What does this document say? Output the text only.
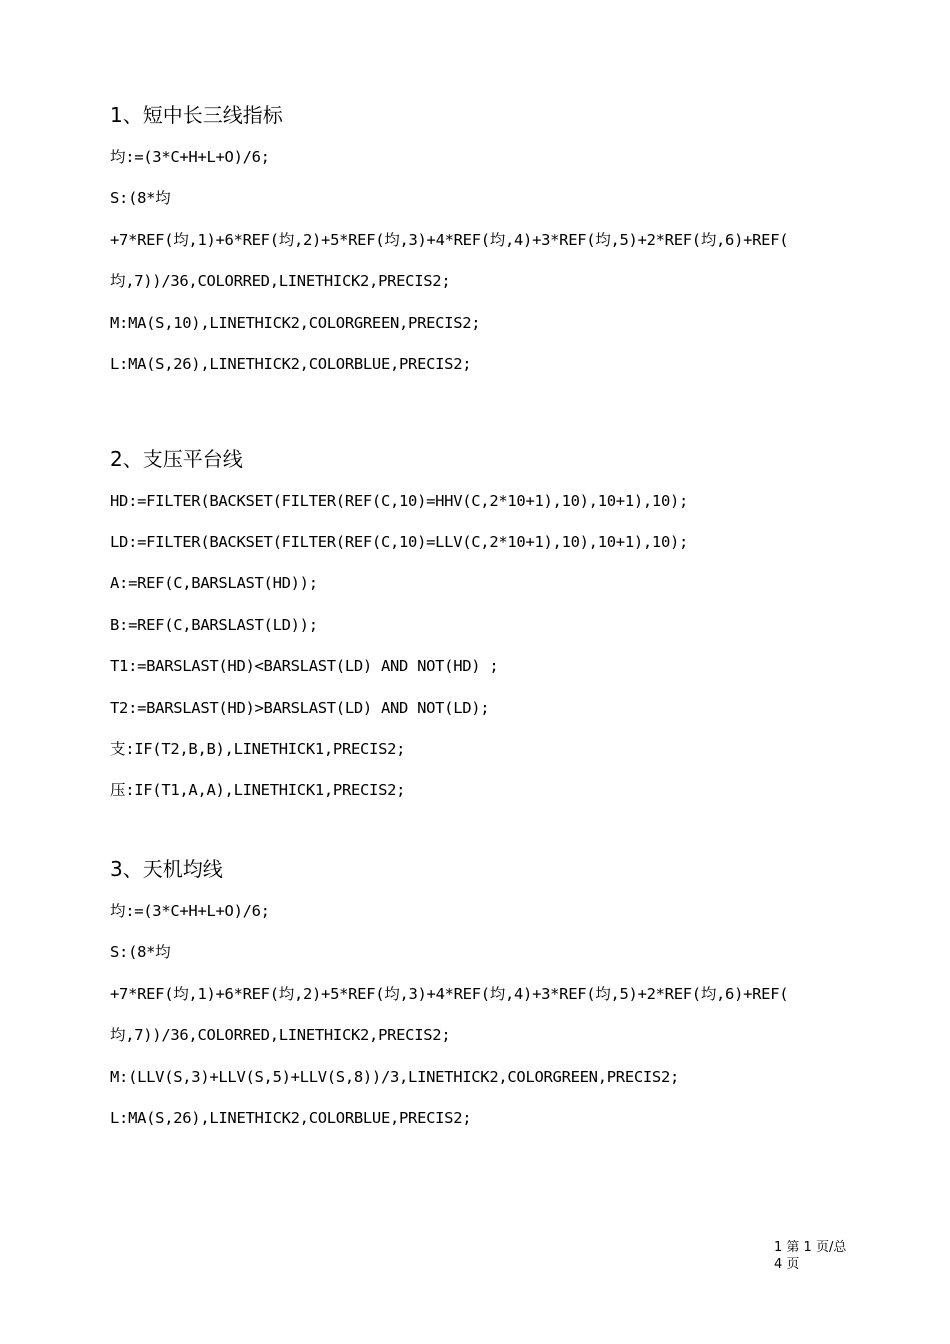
1、短中长三线指标
均:=(3*C+H+L+O)/6;
S:(8*均
+7*REF(均,1)+6*REF(均,2)+5*REF(均,3)+4*REF(均,4)+3*REF(均,5)+2*REF(均,6)+REF(
均,7))/36,COLORRED,LINETHICK2,PRECIS2;
M:MA(S,10),LINETHICK2,COLORGREEN,PRECIS2;
L:MA(S,26),LINETHICK2,COLORBLUE,PRECIS2;
2、支压平台线
HD:=FILTER(BACKSET(FILTER(REF(C,10)=HHV(C,2*10+1),10),10+1),10);
LD:=FILTER(BACKSET(FILTER(REF(C,10)=LLV(C,2*10+1),10),10+1),10);
A:=REF(C,BARSLAST(HD));
B:=REF(C,BARSLAST(LD));
T1:=BARSLAST(HD)<BARSLAST(LD) AND NOT(HD) ;
T2:=BARSLAST(HD)>BARSLAST(LD) AND NOT(LD);
支:IF(T2,B,B),LINETHICK1,PRECIS2;
压:IF(T1,A,A),LINETHICK1,PRECIS2;
3、天机均线
均:=(3*C+H+L+O)/6;
S:(8*均
+7*REF(均,1)+6*REF(均,2)+5*REF(均,3)+4*REF(均,4)+3*REF(均,5)+2*REF(均,6)+REF(
均,7))/36,COLORRED,LINETHICK2,PRECIS2;
M:(LLV(S,3)+LLV(S,5)+LLV(S,8))/3,LINETHICK2,COLORGREEN,PRECIS2;
L:MA(S,26),LINETHICK2,COLORBLUE,PRECIS2;
1 第 1 页/总
4 页
